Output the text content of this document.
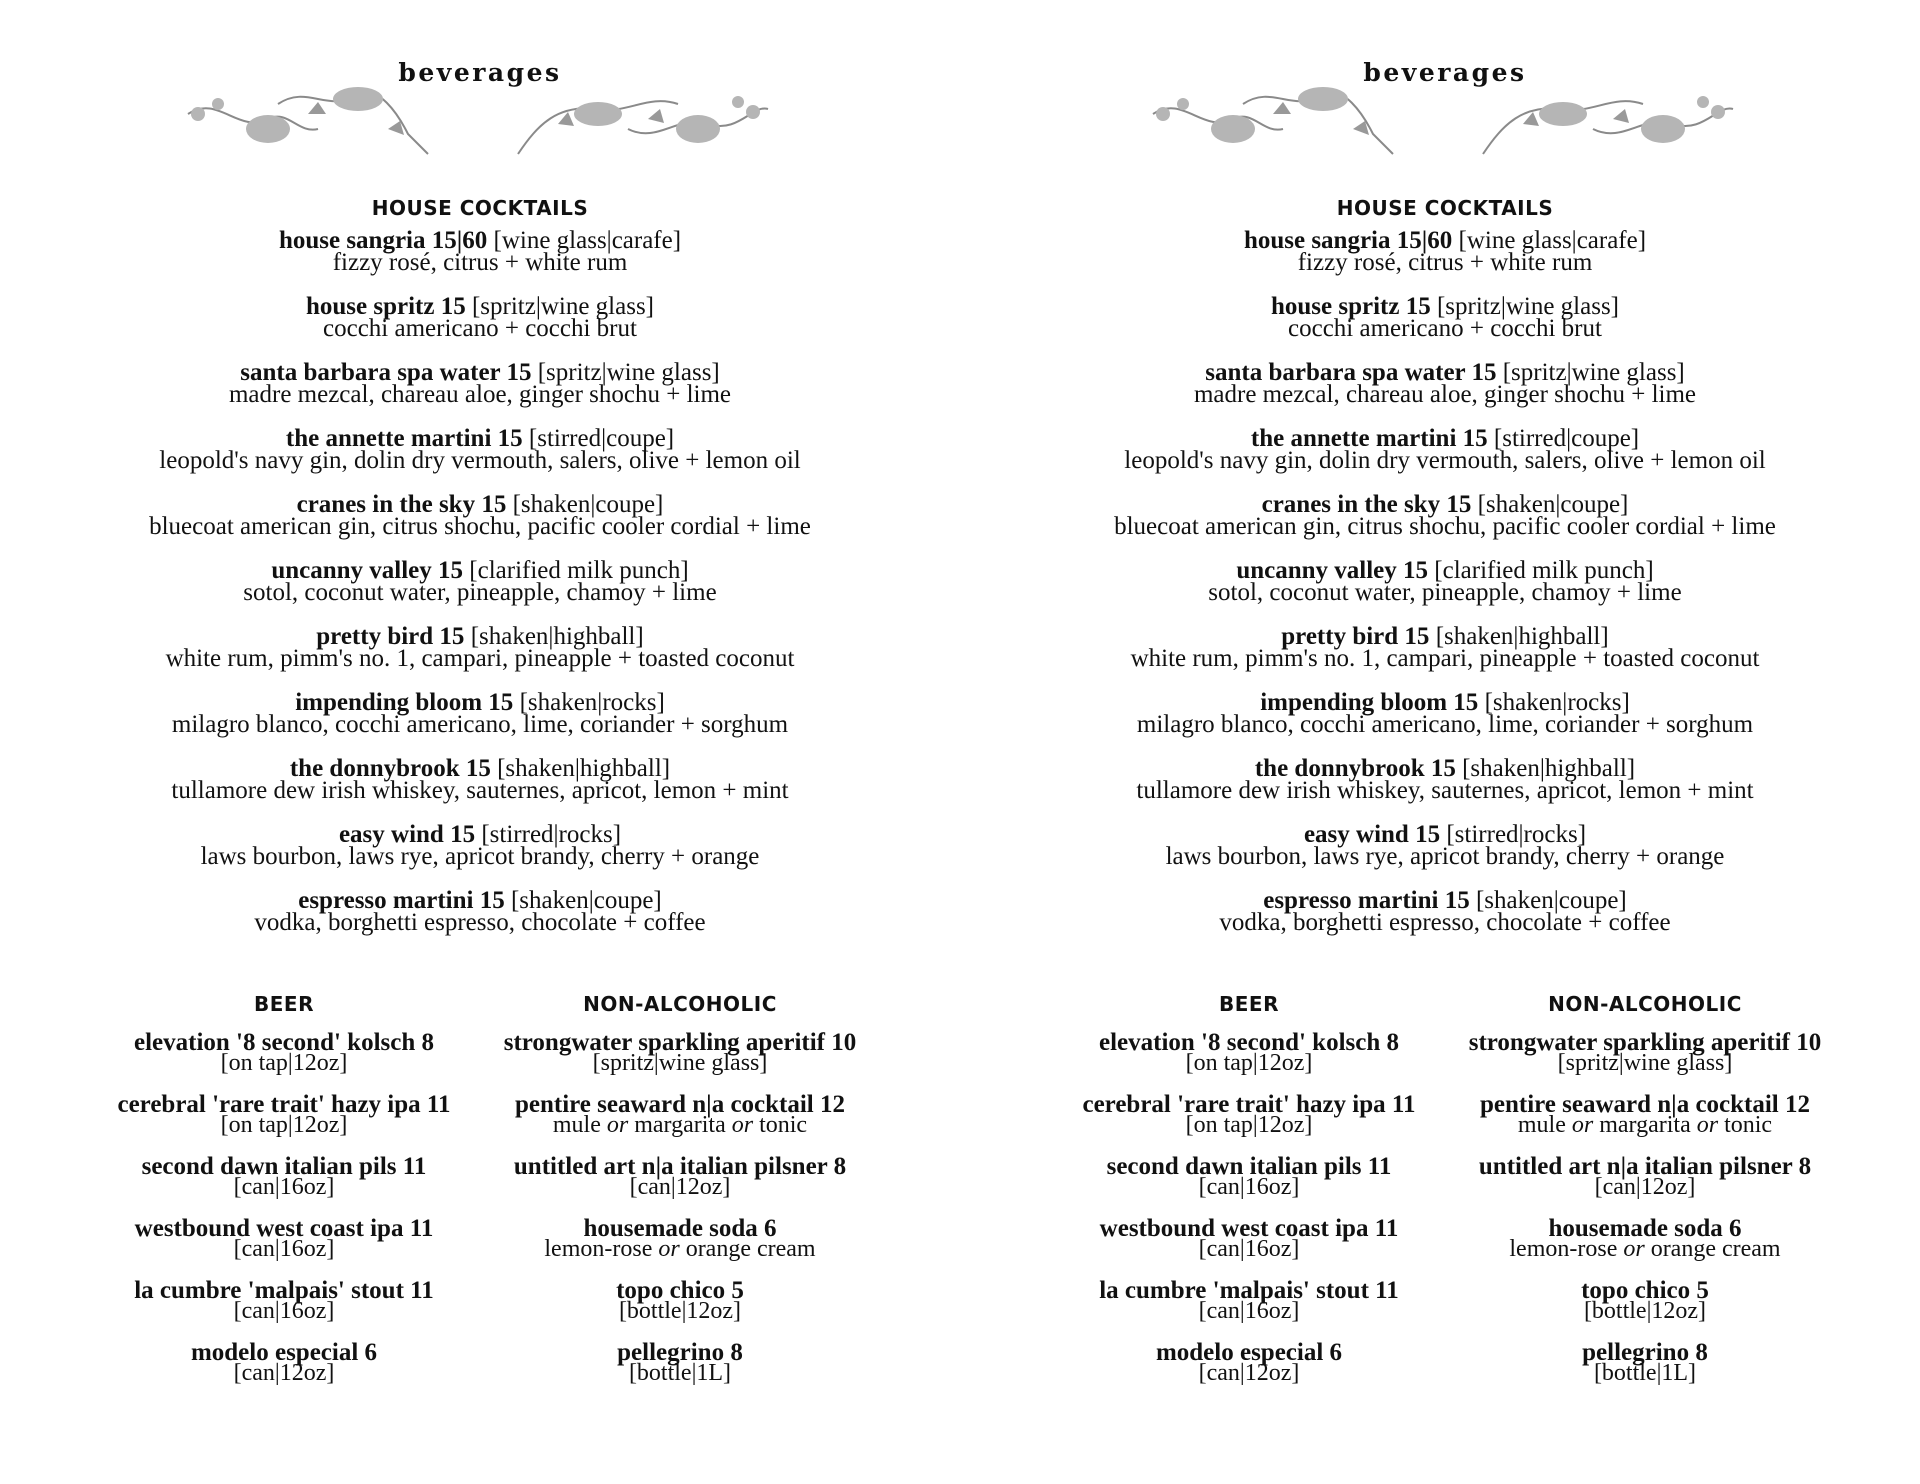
beverages
HOUSE COCKTAILS
house sangria 15|60 [wine glass|carafe]
fizzy rosé, citrus + white rum
house spritz 15 [spritz|wine glass]
cocchi americano + cocchi brut
santa barbara spa water 15 [spritz|wine glass]
madre mezcal, chareau aloe, ginger shochu + lime
the annette martini 15 [stirred|coupe]
leopold's navy gin, dolin dry vermouth, salers, olive + lemon oil
cranes in the sky 15 [shaken|coupe]
bluecoat american gin, citrus shochu, pacific cooler cordial + lime
uncanny valley 15 [clarified milk punch]
sotol, coconut water, pineapple, chamoy + lime
pretty bird 15 [shaken|highball]
white rum, pimm's no. 1, campari, pineapple + toasted coconut
impending bloom 15 [shaken|rocks]
milagro blanco, cocchi americano, lime, coriander + sorghum
the donnybrook 15 [shaken|highball]
tullamore dew irish whiskey, sauternes, apricot, lemon + mint
easy wind 15 [stirred|rocks]
laws bourbon, laws rye, apricot brandy, cherry + orange
espresso martini 15 [shaken|coupe]
vodka, borghetti espresso, chocolate + coffee
BEER
elevation '8 second' kolsch 8
[on tap|12oz]
cerebral 'rare trait' hazy ipa 11
[on tap|12oz]
second dawn italian pils 11
[can|16oz]
westbound west coast ipa 11
[can|16oz]
la cumbre 'malpais' stout 11
[can|16oz]
modelo especial 6
[can|12oz]
NON-ALCOHOLIC
strongwater sparkling aperitif 10
[spritz|wine glass]
pentire seaward n|a cocktail 12
mule or margarita or tonic
untitled art n|a italian pilsner 8
[can|12oz]
housemade soda 6
lemon-rose or orange cream
topo chico 5
[bottle|12oz]
pellegrino 8
[bottle|1L]
beverages
HOUSE COCKTAILS
house sangria 15|60 [wine glass|carafe]
fizzy rosé, citrus + white rum
house spritz 15 [spritz|wine glass]
cocchi americano + cocchi brut
santa barbara spa water 15 [spritz|wine glass]
madre mezcal, chareau aloe, ginger shochu + lime
the annette martini 15 [stirred|coupe]
leopold's navy gin, dolin dry vermouth, salers, olive + lemon oil
cranes in the sky 15 [shaken|coupe]
bluecoat american gin, citrus shochu, pacific cooler cordial + lime
uncanny valley 15 [clarified milk punch]
sotol, coconut water, pineapple, chamoy + lime
pretty bird 15 [shaken|highball]
white rum, pimm's no. 1, campari, pineapple + toasted coconut
impending bloom 15 [shaken|rocks]
milagro blanco, cocchi americano, lime, coriander + sorghum
the donnybrook 15 [shaken|highball]
tullamore dew irish whiskey, sauternes, apricot, lemon + mint
easy wind 15 [stirred|rocks]
laws bourbon, laws rye, apricot brandy, cherry + orange
espresso martini 15 [shaken|coupe]
vodka, borghetti espresso, chocolate + coffee
BEER
elevation '8 second' kolsch 8
[on tap|12oz]
cerebral 'rare trait' hazy ipa 11
[on tap|12oz]
second dawn italian pils 11
[can|16oz]
westbound west coast ipa 11
[can|16oz]
la cumbre 'malpais' stout 11
[can|16oz]
modelo especial 6
[can|12oz]
NON-ALCOHOLIC
strongwater sparkling aperitif 10
[spritz|wine glass]
pentire seaward n|a cocktail 12
mule or margarita or tonic
untitled art n|a italian pilsner 8
[can|12oz]
housemade soda 6
lemon-rose or orange cream
topo chico 5
[bottle|12oz]
pellegrino 8
[bottle|1L]
